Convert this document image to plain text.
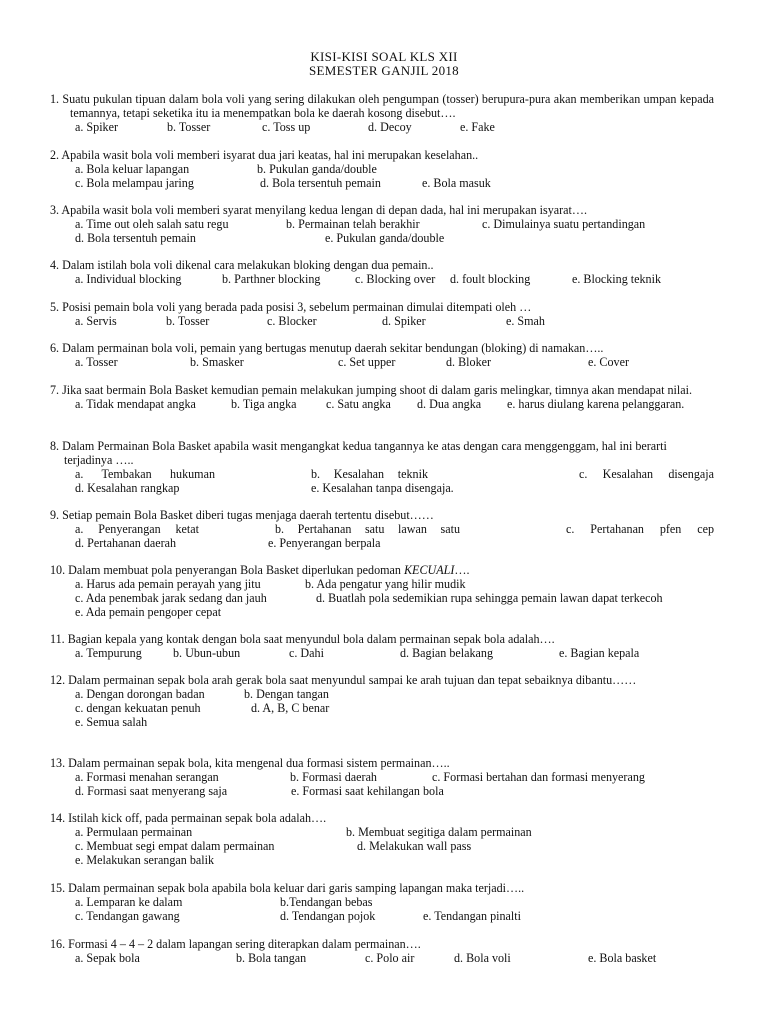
KISI-KISI SOAL KLS XII
SEMESTER GANJIL 2018

1. Suatu pukulan tipuan dalam bola voli yang sering dilakukan oleh pengumpan (tosser) berupura-pura akan memberikan umpan kepada temannya, tetapi seketika itu ia menempatkan bola ke daerah kosong disebut….

a. Spiker	b. Tosser	c. Toss up	d. Decoy	e. Fake

2. Apabila wasit bola voli memberi isyarat dua jari keatas, hal ini merupakan keselahan..

a. Bola keluar lapangan	b. Pukulan ganda/double
c. Bola melampau jaring	d. Bola tersentuh pemain	e. Bola masuk

3. Apabila wasit bola voli memberi syarat menyilang kedua lengan di depan dada, hal ini merupakan isyarat….

a. Time out oleh salah satu regu	b. Permainan telah berakhir	c. Dimulainya suatu pertandingan
d. Bola tersentuh pemain	e. Pukulan ganda/double

4. Dalam istilah bola voli dikenal cara melakukan bloking dengan dua pemain..

a. Individual blocking	b. Parthner blocking	c. Blocking over d. foult blocking	e. Blocking teknik

5. Posisi pemain bola voli yang berada pada posisi 3, sebelum permainan dimulai ditempati oleh …

a. Servis	b. Tosser	c. Blocker	d. Spiker	e. Smah

6. Dalam permainan bola voli, pemain yang bertugas menutup daerah sekitar bendungan (bloking) di namakan…..

a. Tosser	b. Smasker	c. Set upper	d. Bloker	e. Cover

7. Jika saat bermain Bola Basket kemudian pemain melakukan jumping shoot di dalam garis melingkar, timnya akan mendapat nilai.

a. Tidak mendapat angka	b. Tiga angka c. Satu angka d. Dua angka e. harus diulang karena pelanggaran.

8. Dalam Permainan Bola Basket apabila wasit mengangkat kedua tangannya ke atas dengan cara menggenggam, hal ini berarti terjadinya …..

a. Tembakan hukuman	b. Kesalahan teknik	c. Kesalahan disengaja
d. Kesalahan rangkap	e. Kesalahan tanpa disengaja.

9. Setiap pemain Bola Basket diberi tugas menjaga daerah tertentu disebut……

a. Penyerangan ketat	b. Pertahanan satu lawan satu	c. Pertahanan pfen cep
d. Pertahanan daerah	e. Penyerangan berpala

10. Dalam membuat pola penyerangan Bola Basket diperlukan pedoman KECUALI….

a. Harus ada pemain perayah yang jitu	b. Ada pengatur yang hilir mudik
c. Ada penembak jarak sedang dan jauh	d. Buatlah pola sedemikian rupa sehingga pemain lawan dapat terkecoh
e. Ada pemain pengoper cepat

11. Bagian kepala yang kontak dengan bola saat menyundul bola dalam permainan sepak bola adalah….

a. Tempurung	b. Ubun-ubun	c. Dahi	d. Bagian belakang	e. Bagian kepala

12. Dalam permainan sepak bola arah gerak bola saat menyundul sampai ke arah tujuan dan tepat sebaiknya dibantu……

a. Dengan dorongan badan	b. Dengan tangan
c. dengan kekuatan penuh	d. A, B, C benar
e. Semua salah

13. Dalam permainan sepak bola, kita mengenal dua formasi sistem permainan…..

a. Formasi menahan serangan	b. Formasi daerah	c. Formasi bertahan dan formasi menyerang
d. Formasi saat menyerang saja	e. Formasi saat kehilangan bola

14. Istilah kick off, pada permainan sepak bola adalah….

a. Permulaan permainan	b. Membuat segitiga dalam permainan
c. Membuat segi empat dalam permainan	d. Melakukan wall pass
e. Melakukan serangan balik

15. Dalam permainan sepak bola apabila bola keluar dari garis samping lapangan maka terjadi…..

a. Lemparan ke dalam	b.Tendangan bebas
c. Tendangan gawang	d. Tendangan pojok	e. Tendangan pinalti

16. Formasi 4 – 4 – 2 dalam lapangan sering diterapkan dalam permainan….

a. Sepak bola	b. Bola tangan	c. Polo air	d. Bola voli	e. Bola basket
